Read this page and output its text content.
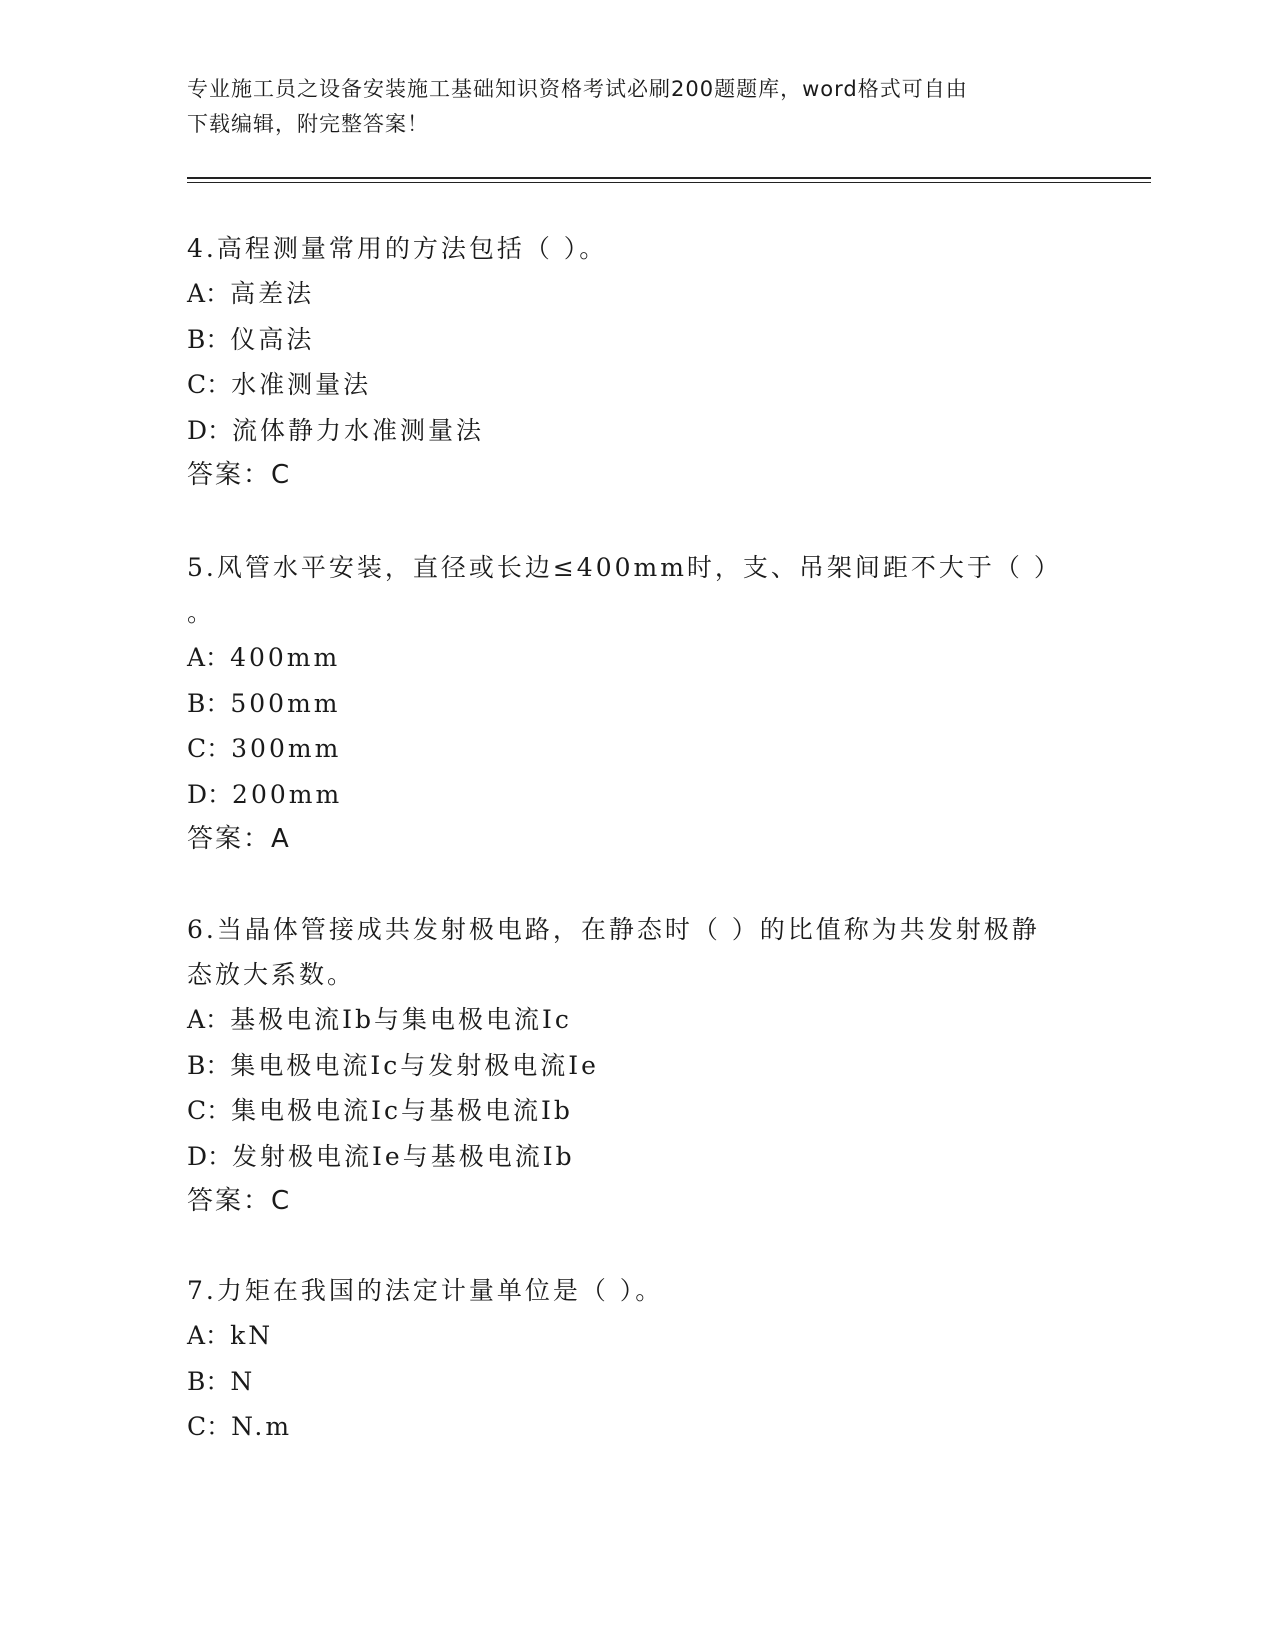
专业施工员之设备安装施工基础知识资格考试必刷200题题库，word格式可自由
下载编辑，附完整答案！

4.高程测量常用的方法包括（ ）。

A：高差法

B：仪高法

C：水准测量法

D：流体静力水准测量法

答案：C

5.风管水平安装，直径或长边≤400mm时，支、吊架间距不大于（ ）

。

A：400mm

B：500mm

C：300mm

D：200mm

答案：A

6.当晶体管接成共发射极电路，在静态时（ ）的比值称为共发射极静

态放大系数。

A：基极电流Ib与集电极电流Ic

B：集电极电流Ic与发射极电流Ie

C：集电极电流Ic与基极电流Ib

D：发射极电流Ie与基极电流Ib

答案：C

7.力矩在我国的法定计量单位是（ ）。

A：kN

B：N

C：N.m
